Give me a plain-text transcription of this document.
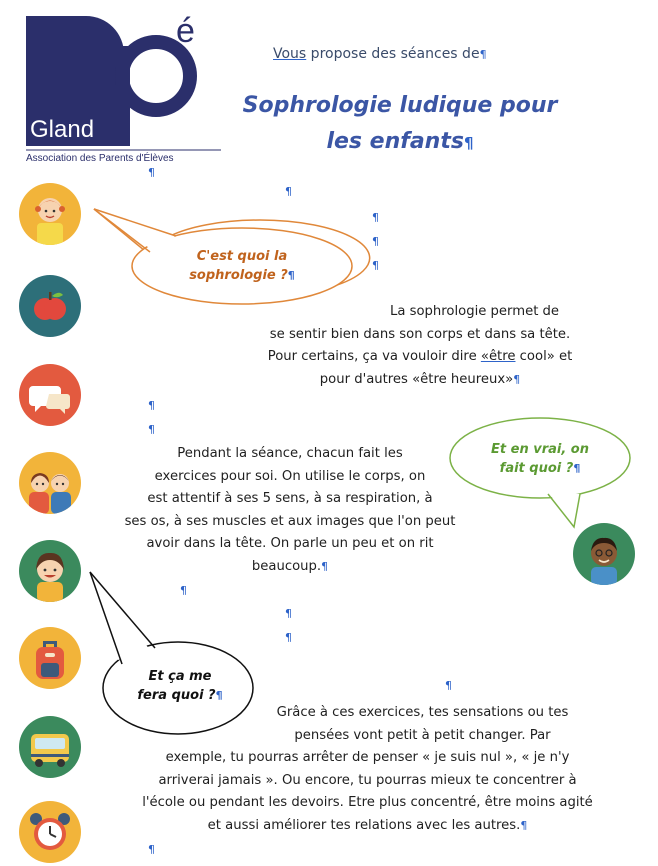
é
Gland
Association des Parents d'Élèves
Vous propose des séances de¶
Sophrologie ludique pour
les enfants¶
¶
¶
¶
¶
¶
¶
¶
¶
¶
¶
¶
¶
C'est quoi la
sophrologie ?¶
Et en vrai, on
fait quoi ?¶
Et ça me
fera quoi ?¶
La sophrologie permet de
se sentir bien dans son corps et dans sa tête.
Pour certains, ça va vouloir dire «être cool» et
pour d'autres «être heureux»¶
Pendant la séance, chacun fait les
exercices pour soi. On utilise le corps, on
est attentif à ses 5 sens, à sa respiration, à
ses os, à ses muscles et aux images que l'on peut
avoir dans la tête. On parle un peu et on rit
beaucoup.¶
Grâce à ces exercices, tes sensations ou tes
pensées vont petit à petit changer. Par
exemple, tu pourras arrêter de penser « je suis nul », « je n'y
arriverai jamais ». Ou encore, tu pourras mieux te concentrer à
l'école ou pendant les devoirs. Etre plus concentré, être moins agité
et aussi améliorer tes relations avec les autres.¶
